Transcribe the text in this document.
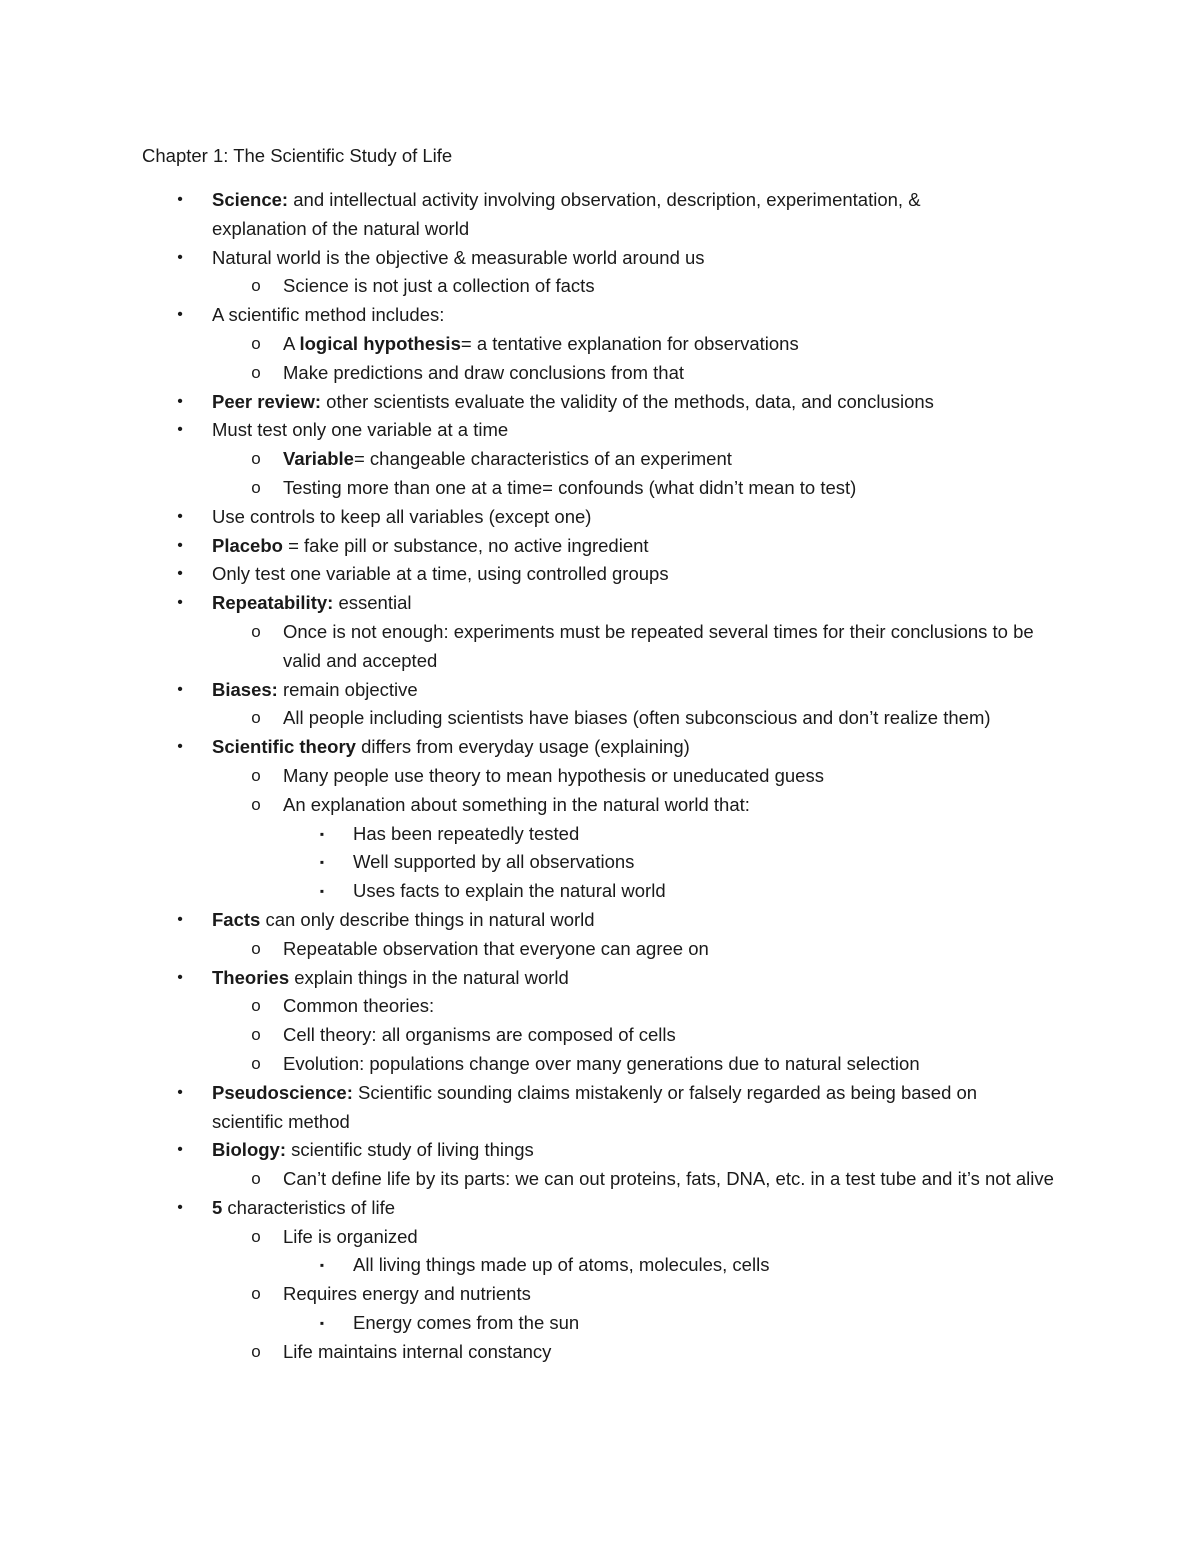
Chapter 1: The Scientific Study of Life
•	Science: and intellectual activity involving observation, description, experimentation, & explanation of the natural world
•	Natural world is the objective & measurable world around us
o	Science is not just a collection of facts
•	A scientific method includes:
o	A logical hypothesis= a tentative explanation for observations
o	Make predictions and draw conclusions from that
•	Peer review: other scientists evaluate the validity of the methods, data, and conclusions
•	Must test only one variable at a time
o	Variable= changeable characteristics of an experiment
o	Testing more than one at a time= confounds (what didn’t mean to test)
•	Use controls to keep all variables (except one)
•	Placebo = fake pill or substance, no active ingredient
•	Only test one variable at a time, using controlled groups
•	Repeatability: essential
o	Once is not enough: experiments must be repeated several times for their conclusions to be valid and accepted
•	Biases: remain objective
o	All people including scientists have biases (often subconscious and don’t realize them)
•	Scientific theory differs from everyday usage (explaining)
o	Many people use theory to mean hypothesis or uneducated guess
o	An explanation about something in the natural world that:
▪	Has been repeatedly tested
▪	Well supported by all observations
▪	Uses facts to explain the natural world
•	Facts can only describe things in natural world
o	Repeatable observation that everyone can agree on
•	Theories explain things in the natural world
o	Common theories:
o	Cell theory: all organisms are composed of cells
o	Evolution: populations change over many generations due to natural selection
•	Pseudoscience: Scientific sounding claims mistakenly or falsely regarded as being based on scientific method
•	Biology: scientific study of living things
o	Can’t define life by its parts: we can out proteins, fats, DNA, etc. in a test tube and it’s not alive
•	5 characteristics of life
o	Life is organized
▪	All living things made up of atoms, molecules, cells
o	Requires energy and nutrients
▪	Energy comes from the sun
o	Life maintains internal constancy
